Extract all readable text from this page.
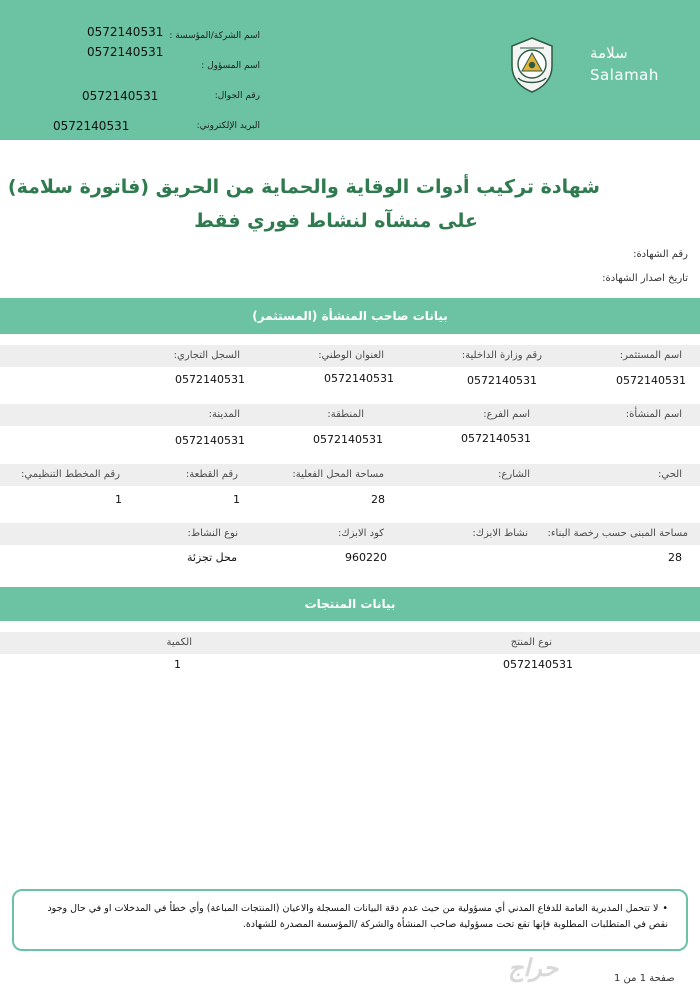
اسم الشركة/المؤسسة :
0572140531
اسم المسؤول :
0572140531
رقم الجوال:
0572140531
البريد الإلكتروني:
0572140531
سلامة
Salamah
شهادة تركيب أدوات الوقاية والحماية من الحريق (فاتورة سلامة)
على منشآه لنشاط فوري فقط
رقم الشهادة:
تاريخ اصدار الشهادة:
بيانات صاحب المنشأة (المستثمر)
اسم المستثمر:
رقم وزارة الداخلية:
العنوان الوطني:
السجل التجاري:
0572140531
0572140531
0572140531
0572140531
اسم المنشأة:
اسم الفرع:
المنطقة:
المدينة:
0572140531
0572140531
0572140531
الحي:
الشارع:
مساحة المحل الفعلية:
رقم القطعة:
رقم المخطط التنظيمي:
28
1
1
مساحة المبنى حسب رخصة البناء:
نشاط الابزك:
كود الابزك:
نوع النشاط:
28
960220
محل تجزئة
بيانات المنتجات
نوع المنتج
الكمية
0572140531
1
•لا تتحمل المديرية العامة للدفاع المدني أي مسؤولية من حيث عدم دقة البيانات المسجلة والاعيان (المنتجات المباعة) وأي خطأ في المدخلات او في حال وجود نقص في المتطلبات المطلوبة فإنها تقع تحت مسؤولية صاحب المنشأة والشركة /المؤسسة المصدرة للشهادة.
حراج	صفحة 1 من 1
